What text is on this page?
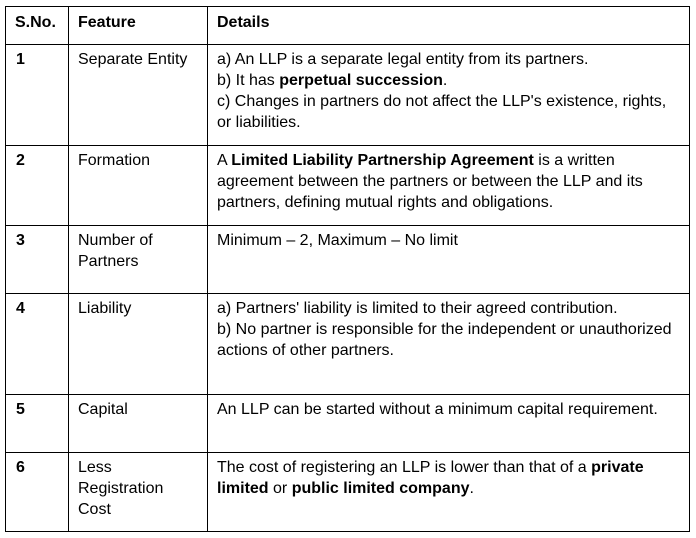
S.No.	Feature	Details
1	Separate Entity	a) An LLP is a separate legal entity from its partners.
b) It has perpetual succession.
c) Changes in partners do not affect the LLP's existence, rights, or liabilities.

2	Formation	A Limited Liability Partnership Agreement is a written agreement between the partners or between the LLP and its partners, defining mutual rights and obligations.
3	Number of Partners	Minimum – 2, Maximum – No limit
4	Liability	a) Partners' liability is limited to their agreed contribution.
b) No partner is responsible for the independent or unauthorized actions of other partners.

5	Capital	An LLP can be started without a minimum capital requirement.
6	Less Registration Cost	The cost of registering an LLP is lower than that of a private limited or public limited company.
